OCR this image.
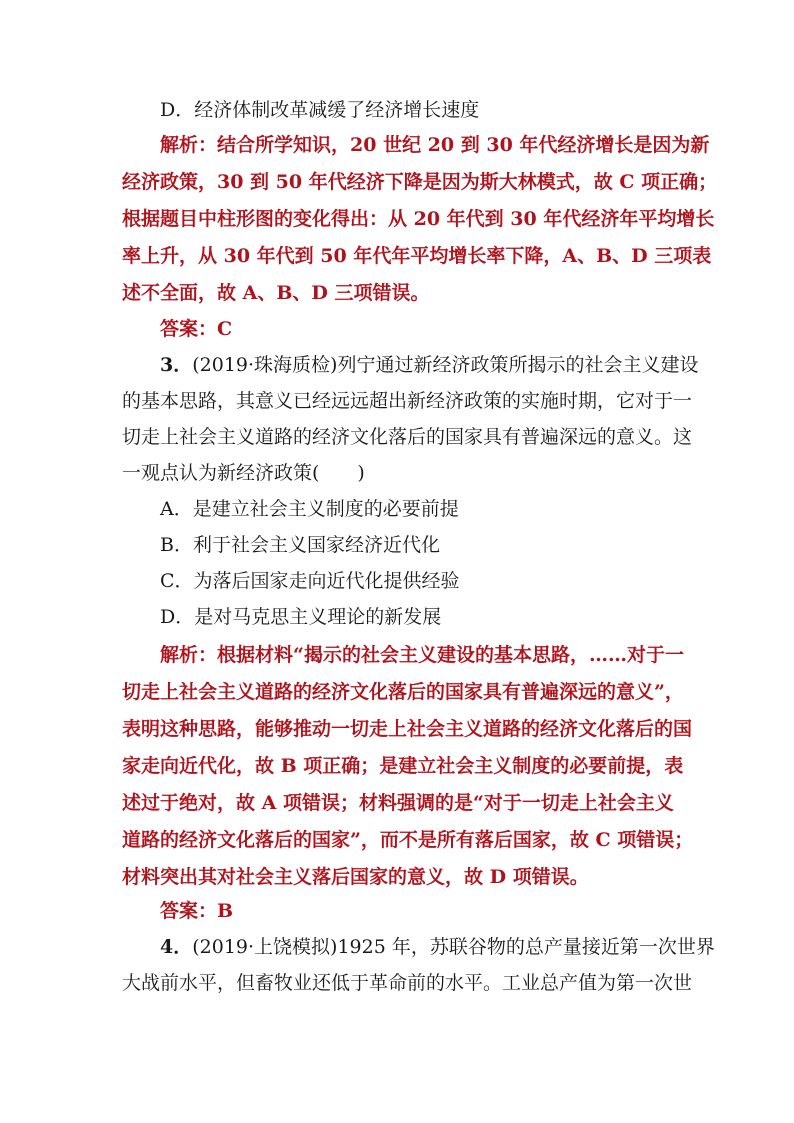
D．经济体制改革减缓了经济增长速度
解析：结合所学知识，20 世纪 20 到 30 年代经济增长是因为新
经济政策，30 到 50 年代经济下降是因为斯大林模式，故 C 项正确；
根据题目中柱形图的变化得出：从 20 年代到 30 年代经济年平均增长
率上升，从 30 年代到 50 年代年平均增长率下降，A、B、D 三项表
述不全面，故 A、B、D 三项错误。
答案：C
3．(2019·珠海质检)列宁通过新经济政策所揭示的社会主义建设
的基本思路，其意义已经远远超出新经济政策的实施时期，它对于一
切走上社会主义道路的经济文化落后的国家具有普遍深远的意义。这
一观点认为新经济政策(　　)
A．是建立社会主义制度的必要前提
B．利于社会主义国家经济近代化
C．为落后国家走向近代化提供经验
D．是对马克思主义理论的新发展
解析：根据材料“揭示的社会主义建设的基本思路，……对于一
切走上社会主义道路的经济文化落后的国家具有普遍深远的意义”，
表明这种思路，能够推动一切走上社会主义道路的经济文化落后的国
家走向近代化，故 B 项正确；是建立社会主义制度的必要前提，表
述过于绝对，故 A 项错误；材料强调的是“对于一切走上社会主义
道路的经济文化落后的国家”，而不是所有落后国家，故 C 项错误；
材料突出其对社会主义落后国家的意义，故 D 项错误。
答案：B
4．(2019·上饶模拟)1925 年，苏联谷物的总产量接近第一次世界
大战前水平，但畜牧业还低于革命前的水平。工业总产值为第一次世
